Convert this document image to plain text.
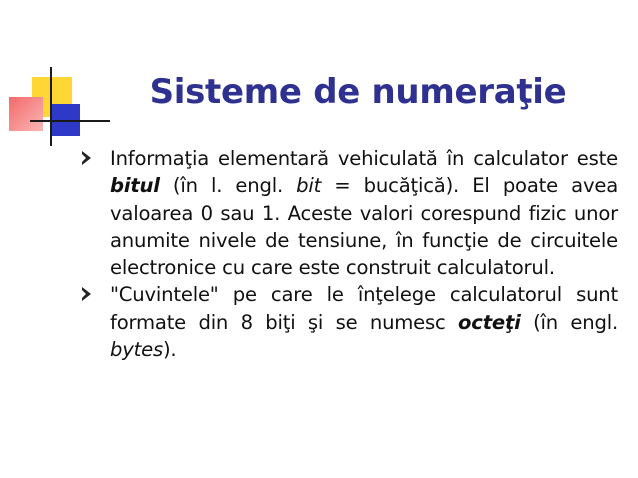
Sisteme de numeraţie
Informaţia elementară vehiculată în calculator este bitul (în l. engl. bit = bucăţică). El poate avea valoarea 0 sau 1. Aceste valori corespund fizic unor anumite nivele de tensiune, în funcţie de circuitele electronice cu care este construit calculatorul.
"Cuvintele" pe care le înţelege calculatorul sunt formate din 8 biţi şi se numesc octeţi (în engl. bytes).
